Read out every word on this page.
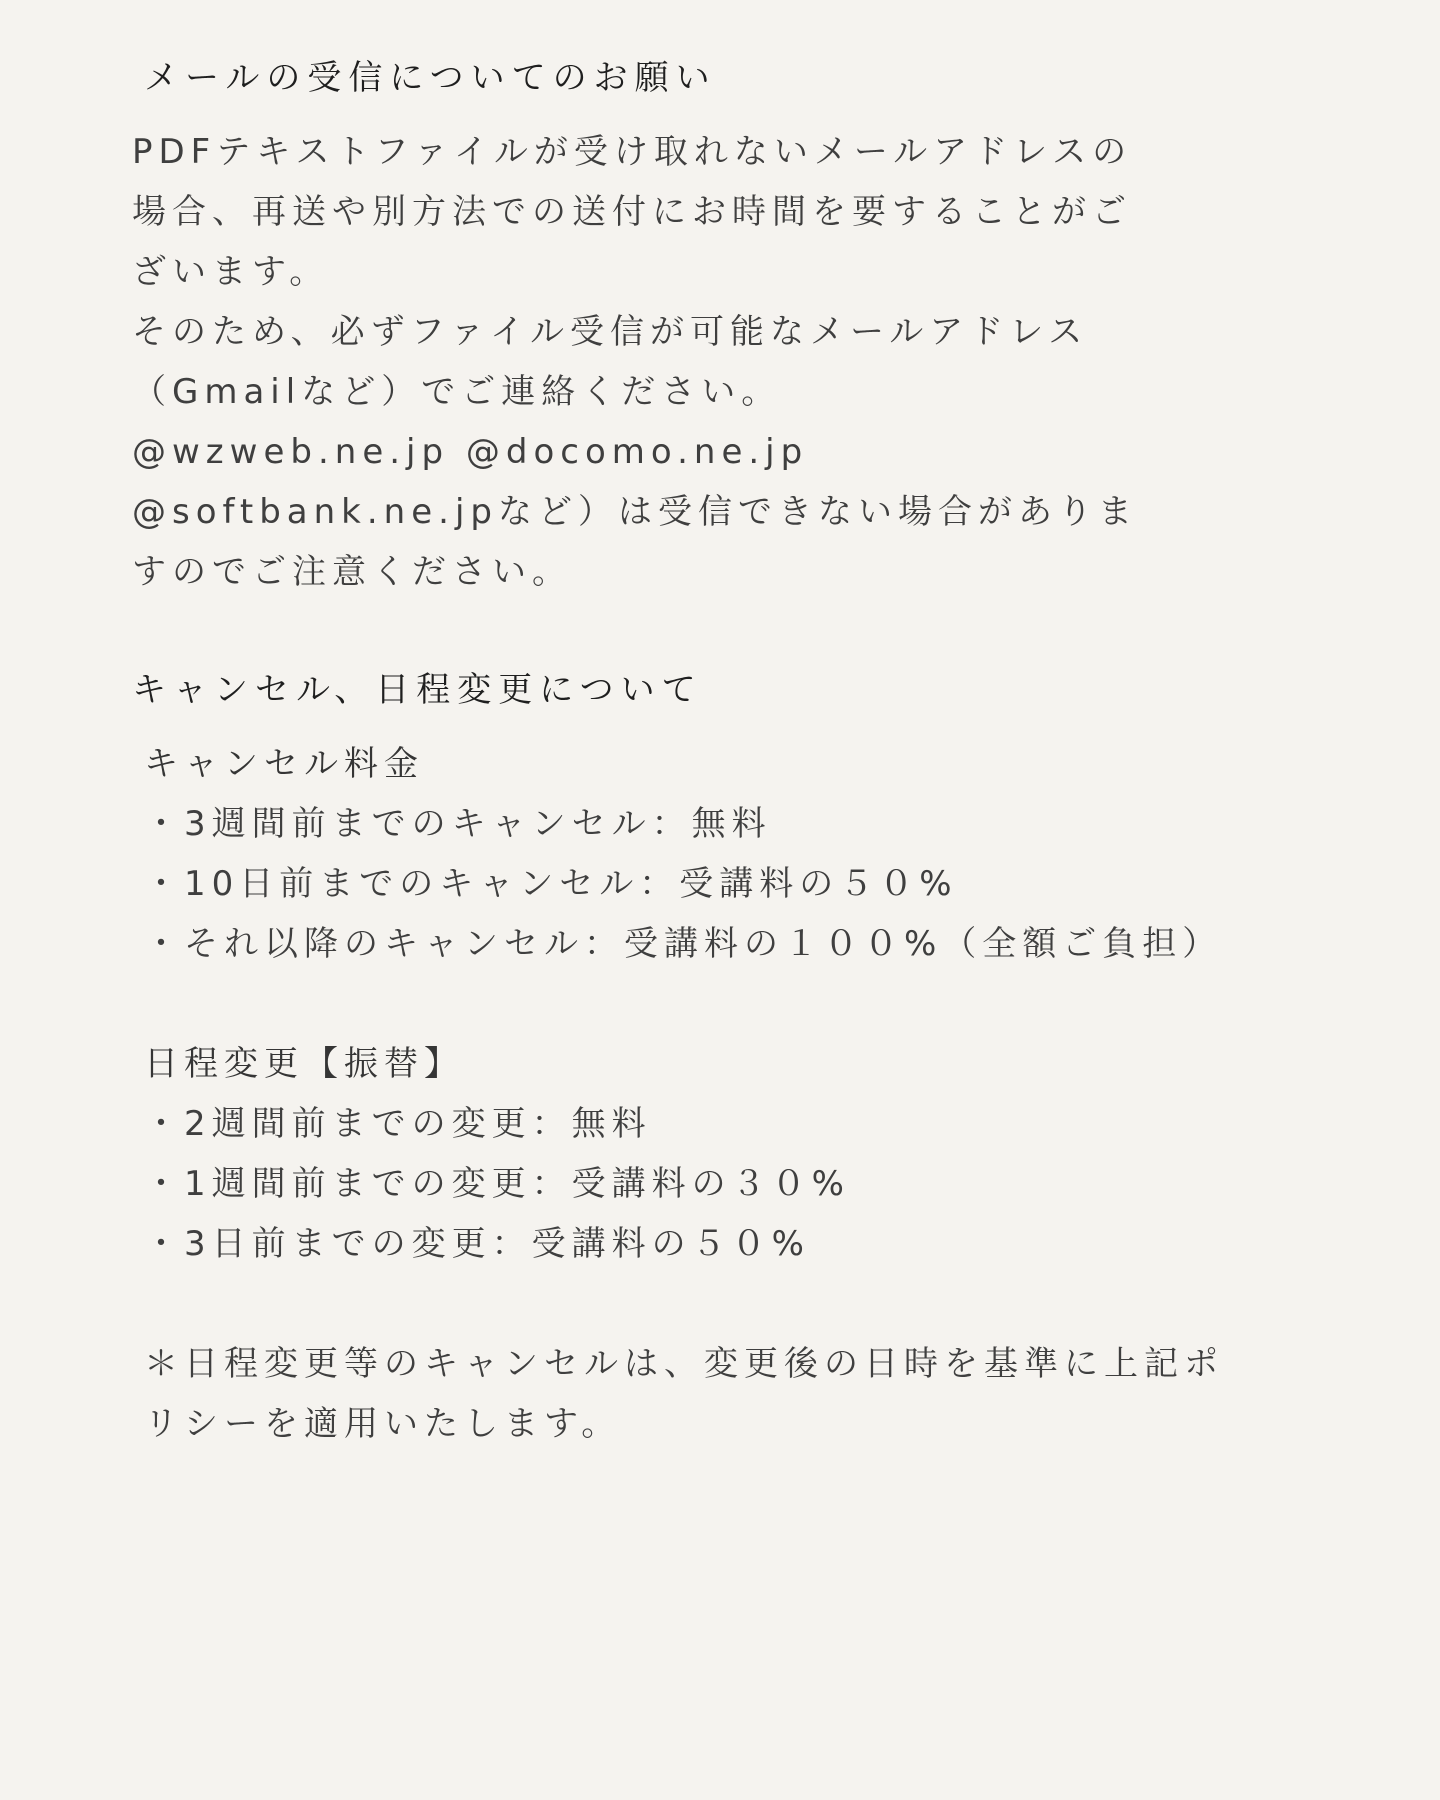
メールの受信についてのお願い
PDFテキストファイルが受け取れないメールアドレスの
場合、再送や別方法での送付にお時間を要することがご
ざいます。
そのため、必ずファイル受信が可能なメールアドレス
（Gmailなど）でご連絡ください。
@wzweb.ne.jp @docomo.ne.jp
@softbank.ne.jpなど）は受信できない場合がありま
すのでご注意ください。
キャンセル、日程変更について
キャンセル料金
・3週間前までのキャンセル：無料
・10日前までのキャンセル：受講料の５０%
・それ以降のキャンセル：受講料の１００%（全額ご負担）
日程変更【振替】
・2週間前までの変更：無料
・1週間前までの変更：受講料の３０%
・3日前までの変更：受講料の５０%
＊日程変更等のキャンセルは、変更後の日時を基準に上記ポ
リシーを適用いたします。
